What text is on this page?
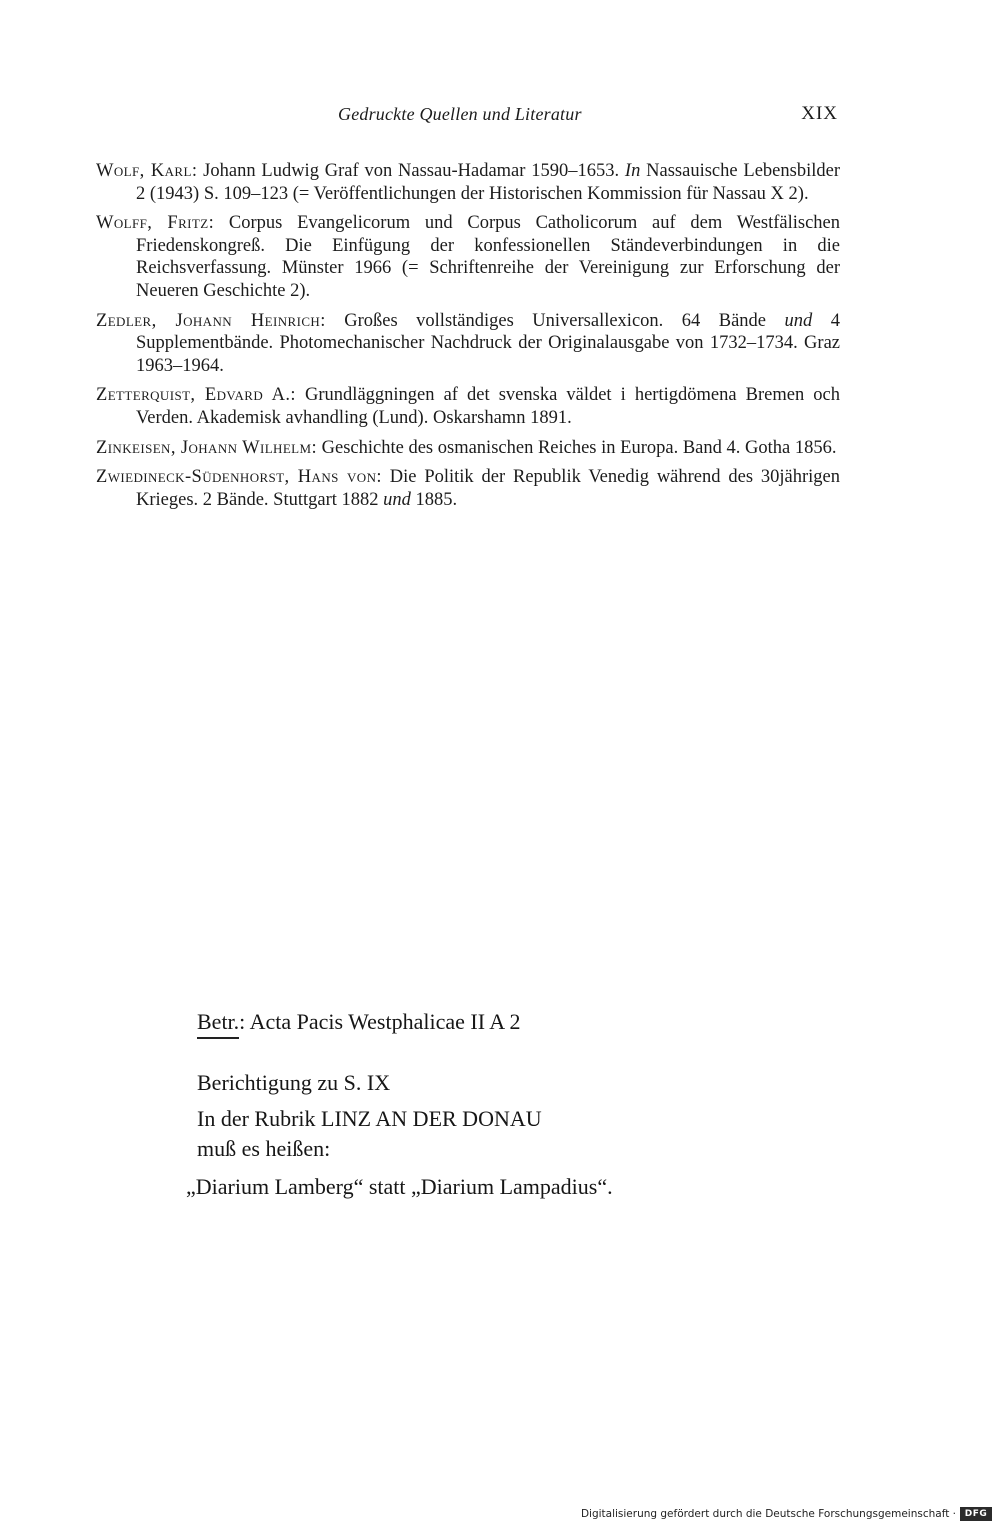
Gedruckte Quellen und Literatur	XIX
Wolf, Karl: Johann Ludwig Graf von Nassau-Hadamar 1590–1653. In Nassauische Lebensbilder 2 (1943) S. 109–123 (= Veröffentlichungen der Historischen Kommission für Nassau X 2).
Wolff, Fritz: Corpus Evangelicorum und Corpus Catholicorum auf dem Westfälischen Friedenskongreß. Die Einfügung der konfessionellen Ständeverbindungen in die Reichsverfassung. Münster 1966 (= Schriftenreihe der Vereinigung zur Erforschung der Neueren Geschichte 2).
Zedler, Johann Heinrich: Großes vollständiges Universallexicon. 64 Bände und 4 Supplementbände. Photomechanischer Nachdruck der Originalausgabe von 1732–1734. Graz 1963–1964.
Zetterquist, Edvard A.: Grundläggningen af det svenska väldet i hertigdömena Bremen och Verden. Akademisk avhandling (Lund). Oskarshamn 1891.
Zinkeisen, Johann Wilhelm: Geschichte des osmanischen Reiches in Europa. Band 4. Gotha 1856.
Zwiedineck-Südenhorst, Hans von: Die Politik der Republik Venedig während des 30jährigen Krieges. 2 Bände. Stuttgart 1882 und 1885.
Betr.: Acta Pacis Westphalicae II A 2
Berichtigung zu S. IX
In der Rubrik LINZ AN DER DONAU
muß es heißen:
„Diarium Lamberg“ statt „Diarium Lampadius“.
Digitalisierung gefördert durch die Deutsche Forschungsgemeinschaft · DFG
